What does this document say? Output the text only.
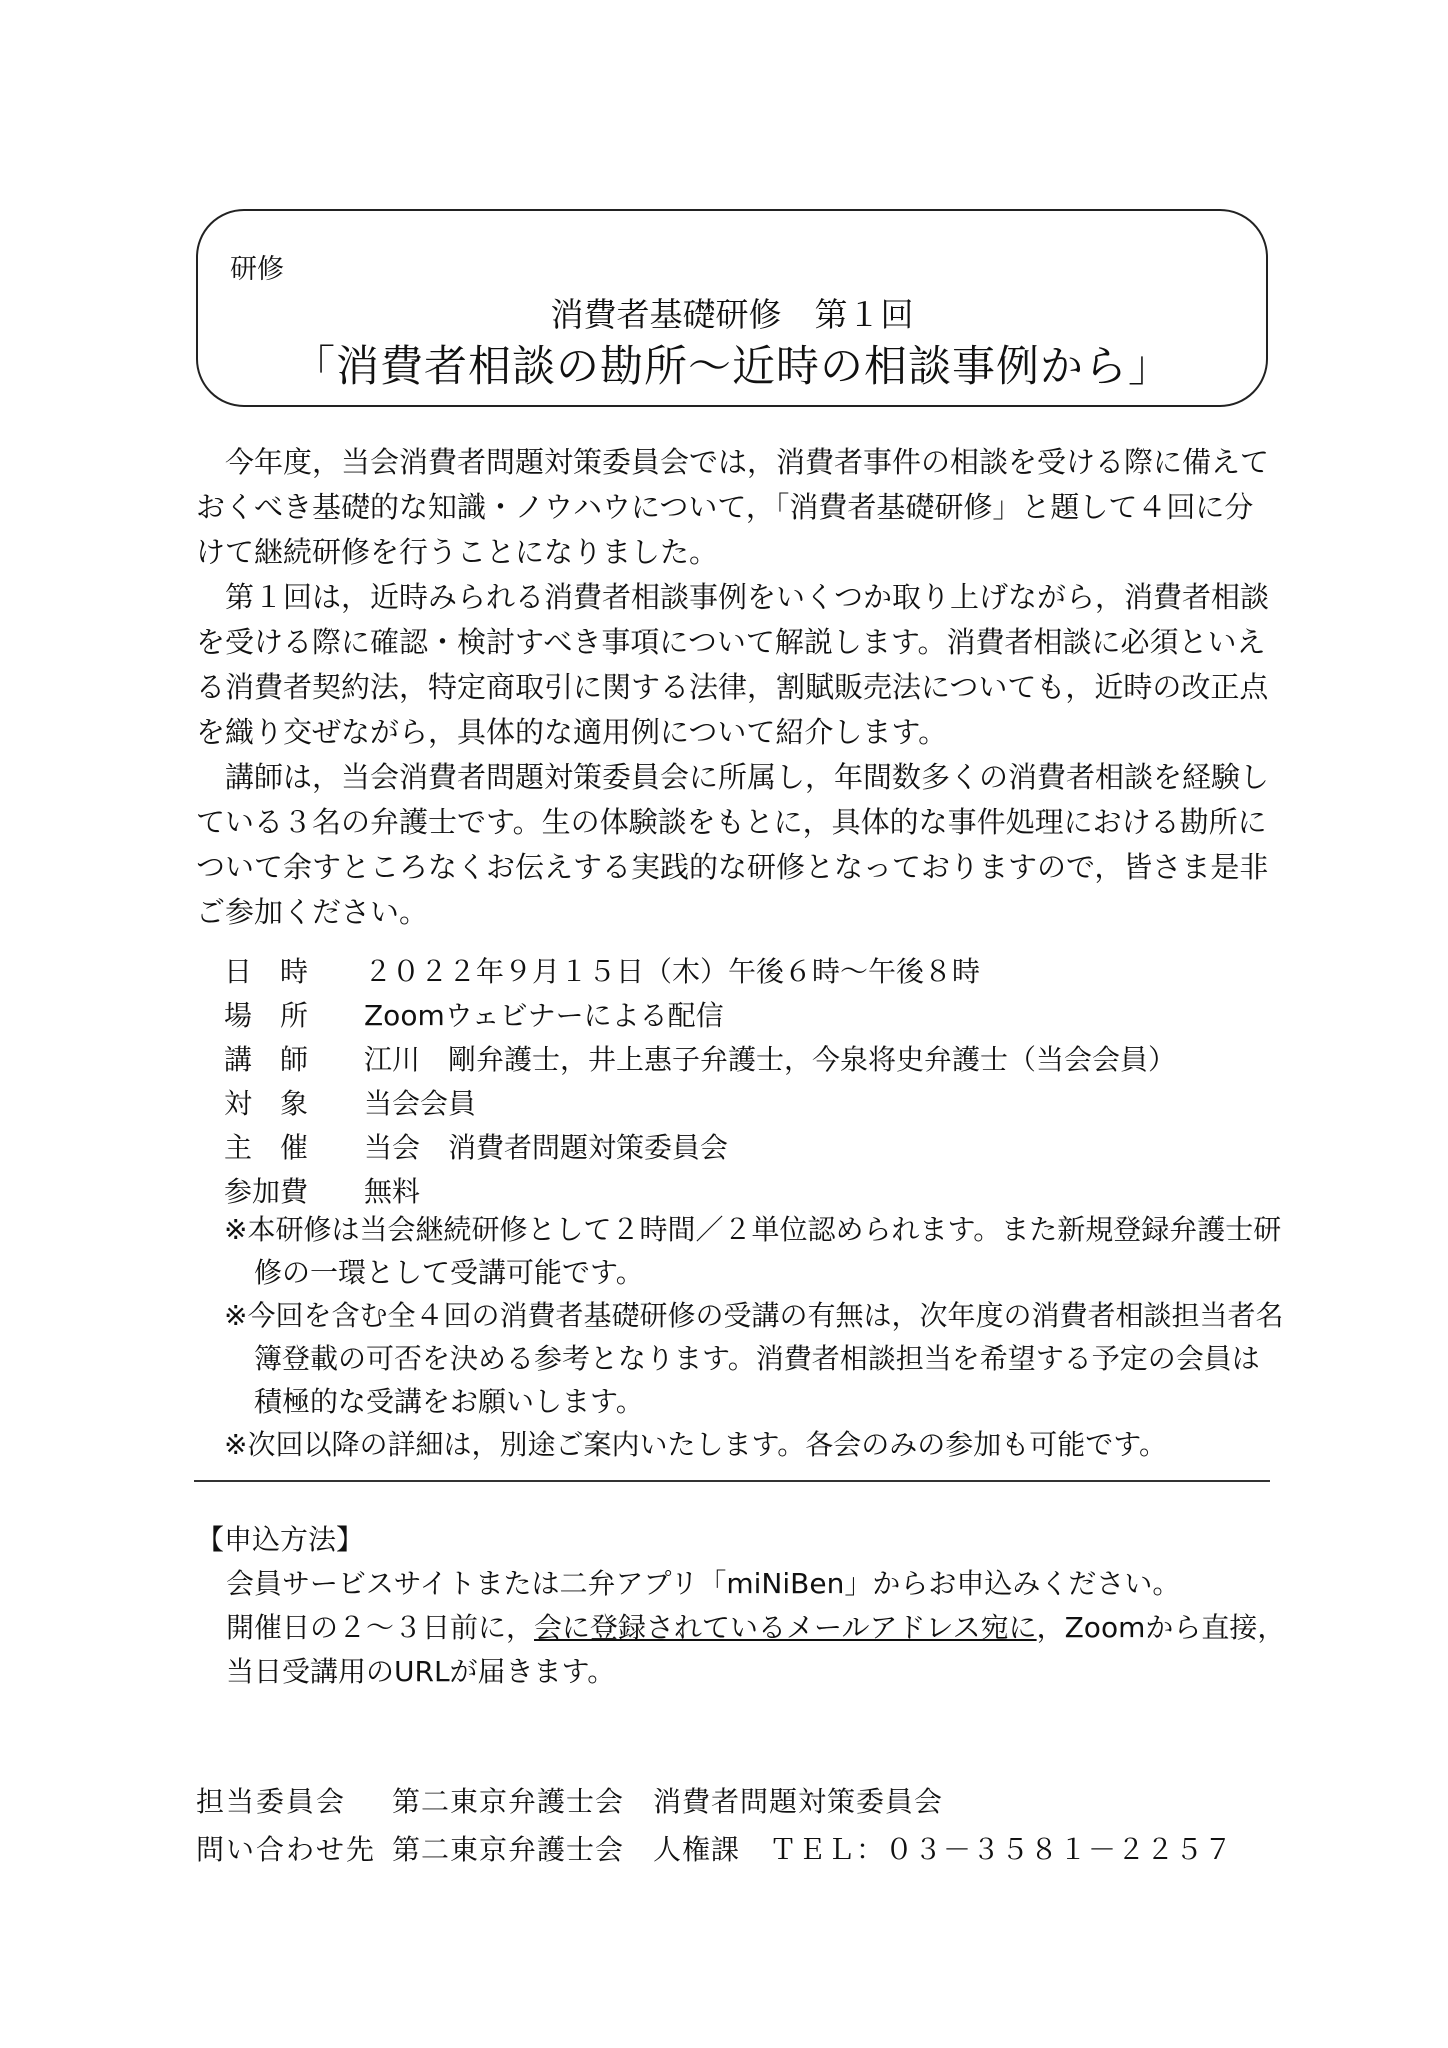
研修
消費者基礎研修　第１回
「消費者相談の勘所～近時の相談事例から」

今年度，当会消費者問題対策委員会では，消費者事件の相談を受ける際に備えておくべき基礎的な知識・ノウハウについて，「消費者基礎研修」と題して４回に分けて継続研修を行うことになりました。

第１回は，近時みられる消費者相談事例をいくつか取り上げながら，消費者相談を受ける際に確認・検討すべき事項について解説します。消費者相談に必須といえる消費者契約法，特定商取引に関する法律，割賦販売法についても，近時の改正点を織り交ぜながら，具体的な適用例について紹介します。

講師は，当会消費者問題対策委員会に所属し，年間数多くの消費者相談を経験している３名の弁護士です。生の体験談をもとに，具体的な事件処理における勘所について余すところなくお伝えする実践的な研修となっておりますので，皆さま是非ご参加ください。

日　時	２０２２年９月１５日（木）午後６時～午後８時
場　所	Zoomウェビナーによる配信
講　師	江川　剛弁護士，井上惠子弁護士，今泉将史弁護士（当会会員）
対　象	当会会員
主　催	当会　消費者問題対策委員会
参加費	無料
※本研修は当会継続研修として２時間／２単位認められます。また新規登録弁護士研修の一環として受講可能です。
※今回を含む全４回の消費者基礎研修の受講の有無は，次年度の消費者相談担当者名簿登載の可否を決める参考となります。消費者相談担当を希望する予定の会員は積極的な受講をお願いします。
※次回以降の詳細は，別途ご案内いたします。各会のみの参加も可能です。
【申込方法】
会員サービスサイトまたは二弁アプリ「miNiBen」からお申込みください。
開催日の２～３日前に，会に登録されているメールアドレス宛に，Zoomから直接，
当日受講用のURLが届きます。
担当委員会	第二東京弁護士会　消費者問題対策委員会
問い合わせ先 第二東京弁護士会　人権課　ＴＥＬ：０３－３５８１－２２５７
